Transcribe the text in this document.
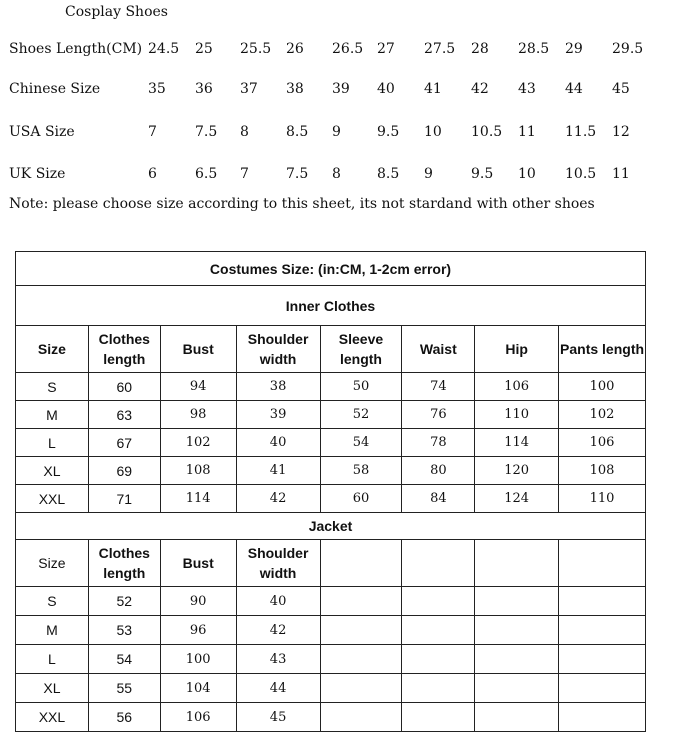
Cosplay Shoes
Shoes Length(CM) 24.5 25 25.5 26 26.5 27 27.5 28 28.5 29 29.5
Chinese Size	35 36 37 38 39 40 41 42 43 44 45
USA Size	7	7.5 8	8.5 9	9.5 10 10.5 11 11.5 12
UK Size	6	6.5 7	7.5 8	8.5 9	9.5 10 10.5 11
Note: please choose size according to this sheet, its not stardand with other shoes
Costumes Size: (in:CM, 1-2cm error)							
Inner Clothes							
Size	Clothes length	Bust	Shoulder width	Sleeve length	Waist	Hip	Pants length
S	60	94	38	50	74	106	100
M	63	98	39	52	76	110	102
L	67	102	40	54	78	114	106
XL	69	108	41	58	80	120	108
XXL	71	114	42	60	84	124	110
Jacket							
Size	Clothes length	Bust	Shoulder width				
S	52	90	40				
M	53	96	42				
L	54	100	43				
XL	55	104	44				
XXL	56	106	45				
